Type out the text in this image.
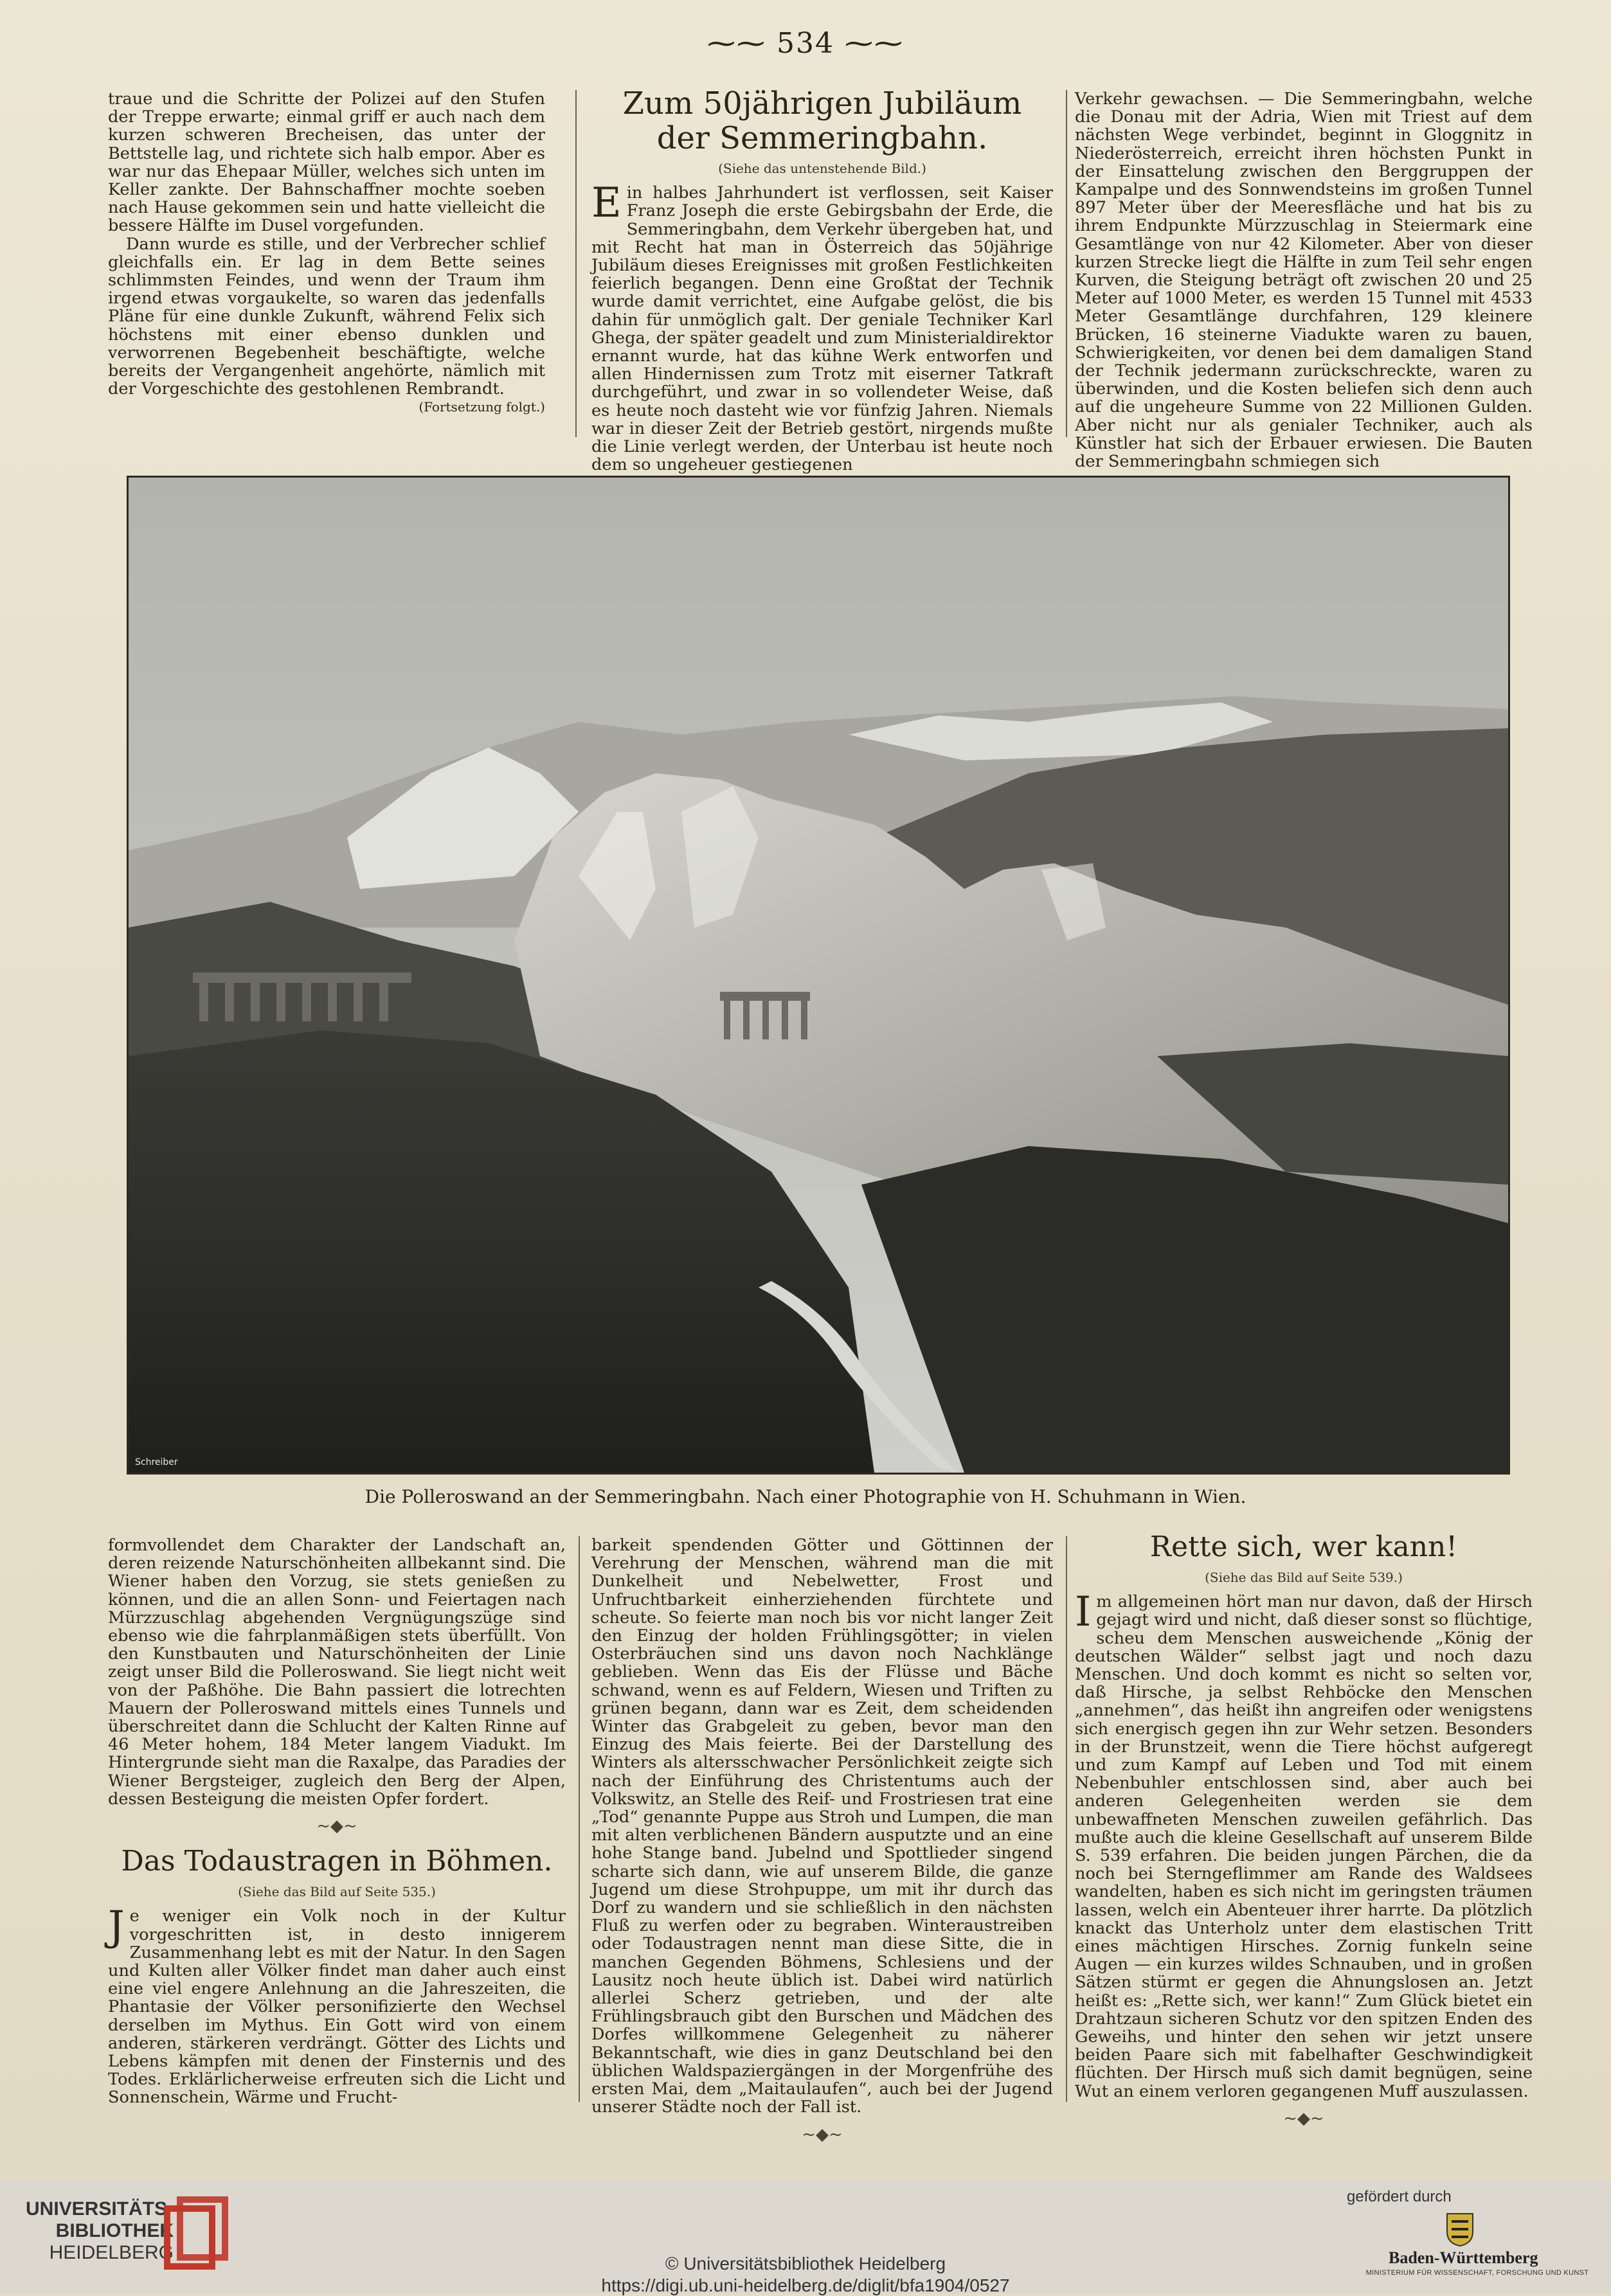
⁓⁓ 534 ⁓⁓

traue und die Schritte der Polizei auf den Stufen der Treppe erwarte; einmal griff er auch nach dem kurzen schweren Brecheisen, das unter der Bettstelle lag, und richtete sich halb empor. Aber es war nur das Ehepaar Müller, welches sich unten im Keller zankte. Der Bahnschaffner mochte soeben nach Hause gekommen sein und hatte vielleicht die bessere Hälfte im Dusel vorgefunden.

Dann wurde es stille, und der Verbrecher schlief gleichfalls ein. Er lag in dem Bette seines schlimmsten Feindes, und wenn der Traum ihm irgend etwas vorgaukelte, so waren das jedenfalls Pläne für eine dunkle Zukunft, während Felix sich höchstens mit einer ebenso dunklen und verworrenen Begebenheit beschäftigte, welche bereits der Vergangenheit angehörte, nämlich mit der Vorgeschichte des gestohlenen Rembrandt.

(Fortsetzung folgt.)
Zum 50jährigen Jubiläum der Semmeringbahn.
(Siehe das untenstehende Bild.)

Ein halbes Jahrhundert ist verflossen, seit Kaiser Franz Joseph die erste Gebirgsbahn der Erde, die Semmeringbahn, dem Verkehr übergeben hat, und mit Recht hat man in Österreich das 50jährige Jubiläum dieses Ereignisses mit großen Festlichkeiten feierlich begangen. Denn eine Großtat der Technik wurde damit verrichtet, eine Aufgabe gelöst, die bis dahin für unmöglich galt. Der geniale Techniker Karl Ghega, der später geadelt und zum Ministerialdirektor ernannt wurde, hat das kühne Werk entworfen und allen Hindernissen zum Trotz mit eiserner Tatkraft durchgeführt, und zwar in so vollendeter Weise, daß es heute noch dasteht wie vor fünfzig Jahren. Niemals war in dieser Zeit der Betrieb gestört, nirgends mußte die Linie verlegt werden, der Unterbau ist heute noch dem so ungeheuer gestiegenen

Verkehr gewachsen. — Die Semmeringbahn, welche die Donau mit der Adria, Wien mit Triest auf dem nächsten Wege verbindet, beginnt in Gloggnitz in Niederösterreich, erreicht ihren höchsten Punkt in der Einsattelung zwischen den Berggruppen der Kampalpe und des Sonnwendsteins im großen Tunnel 897 Meter über der Meeresfläche und hat bis zu ihrem Endpunkte Mürzzuschlag in Steiermark eine Gesamtlänge von nur 42 Kilometer. Aber von dieser kurzen Strecke liegt die Hälfte in zum Teil sehr engen Kurven, die Steigung beträgt oft zwischen 20 und 25 Meter auf 1000 Meter, es werden 15 Tunnel mit 4533 Meter Gesamtlänge durchfahren, 129 kleinere Brücken, 16 steinerne Viadukte waren zu bauen, Schwierigkeiten, vor denen bei dem damaligen Stand der Technik jedermann zurückschreckte, waren zu überwinden, und die Kosten beliefen sich denn auch auf die ungeheure Summe von 22 Millionen Gulden. Aber nicht nur als genialer Techniker, auch als Künstler hat sich der Erbauer erwiesen. Die Bauten der Semmeringbahn schmiegen sich

Schreiber
Die Polleroswand an der Semmeringbahn. Nach einer Photographie von H. Schuhmann in Wien.

formvollendet dem Charakter der Landschaft an, deren reizende Naturschönheiten allbekannt sind. Die Wiener haben den Vorzug, sie stets genießen zu können, und die an allen Sonn- und Feiertagen nach Mürzzuschlag abgehenden Vergnügungszüge sind ebenso wie die fahrplanmäßigen stets überfüllt. Von den Kunstbauten und Naturschönheiten der Linie zeigt unser Bild die Polleroswand. Sie liegt nicht weit von der Paßhöhe. Die Bahn passiert die lotrechten Mauern der Polleroswand mittels eines Tunnels und überschreitet dann die Schlucht der Kalten Rinne auf 46 Meter hohem, 184 Meter langem Viadukt. Im Hintergrunde sieht man die Raxalpe, das Paradies der Wiener Bergsteiger, zugleich den Berg der Alpen, dessen Besteigung die meisten Opfer fordert.

~◆~
Das Todaustragen in Böhmen.
(Siehe das Bild auf Seite 535.)

Je weniger ein Volk noch in der Kultur vorgeschritten ist, in desto innigerem Zusammenhang lebt es mit der Natur. In den Sagen und Kulten aller Völker findet man daher auch einst eine viel engere Anlehnung an die Jahreszeiten, die Phantasie der Völker personifizierte den Wechsel derselben im Mythus. Ein Gott wird von einem anderen, stärkeren verdrängt. Götter des Lichts und Lebens kämpfen mit denen der Finsternis und des Todes. Erklärlicherweise erfreuten sich die Licht und Sonnenschein, Wärme und Frucht-

barkeit spendenden Götter und Göttinnen der Verehrung der Menschen, während man die mit Dunkelheit und Nebelwetter, Frost und Unfruchtbarkeit einherziehenden fürchtete und scheute. So feierte man noch bis vor nicht langer Zeit den Einzug der holden Frühlingsgötter; in vielen Osterbräuchen sind uns davon noch Nachklänge geblieben. Wenn das Eis der Flüsse und Bäche schwand, wenn es auf Feldern, Wiesen und Triften zu grünen begann, dann war es Zeit, dem scheidenden Winter das Grabgeleit zu geben, bevor man den Einzug des Mais feierte. Bei der Darstellung des Winters als altersschwacher Persönlichkeit zeigte sich nach der Einführung des Christentums auch der Volkswitz, an Stelle des Reif- und Frostriesen trat eine „Tod“ genannte Puppe aus Stroh und Lumpen, die man mit alten verblichenen Bändern ausputzte und an eine hohe Stange band. Jubelnd und Spottlieder singend scharte sich dann, wie auf unserem Bilde, die ganze Jugend um diese Strohpuppe, um mit ihr durch das Dorf zu wandern und sie schließlich in den nächsten Fluß zu werfen oder zu begraben. Winteraustreiben oder Todaustragen nennt man diese Sitte, die in manchen Gegenden Böhmens, Schlesiens und der Lausitz noch heute üblich ist. Dabei wird natürlich allerlei Scherz getrieben, und der alte Frühlingsbrauch gibt den Burschen und Mädchen des Dorfes willkommene Gelegenheit zu näherer Bekanntschaft, wie dies in ganz Deutschland bei den üblichen Waldspaziergängen in der Morgenfrühe des ersten Mai, dem „Maitaulaufen“, auch bei der Jugend unserer Städte noch der Fall ist.

~◆~
Rette sich, wer kann!
(Siehe das Bild auf Seite 539.)

Im allgemeinen hört man nur davon, daß der Hirsch gejagt wird und nicht, daß dieser sonst so flüchtige, scheu dem Menschen ausweichende „König der deutschen Wälder“ selbst jagt und noch dazu Menschen. Und doch kommt es nicht so selten vor, daß Hirsche, ja selbst Rehböcke den Menschen „annehmen“, das heißt ihn angreifen oder wenigstens sich energisch gegen ihn zur Wehr setzen. Besonders in der Brunstzeit, wenn die Tiere höchst aufgeregt und zum Kampf auf Leben und Tod mit einem Nebenbuhler entschlossen sind, aber auch bei anderen Gelegenheiten werden sie dem unbewaffneten Menschen zuweilen gefährlich. Das mußte auch die kleine Gesellschaft auf unserem Bilde S. 539 erfahren. Die beiden jungen Pärchen, die da noch bei Sterngeflimmer am Rande des Waldsees wandelten, haben es sich nicht im geringsten träumen lassen, welch ein Abenteuer ihrer harrte. Da plötzlich knackt das Unterholz unter dem elastischen Tritt eines mächtigen Hirsches. Zornig funkeln seine Augen — ein kurzes wildes Schnauben, und in großen Sätzen stürmt er gegen die Ahnungslosen an. Jetzt heißt es: „Rette sich, wer kann!“ Zum Glück bietet ein Drahtzaun sicheren Schutz vor den spitzen Enden des Geweihs, und hinter den sehen wir jetzt unsere beiden Paare sich mit fabelhafter Geschwindigkeit flüchten. Der Hirsch muß sich damit begnügen, seine Wut an einem verloren gegangenen Muff auszulassen.

~◆~
UNIVERSITÄTS-
BIBLIOTHEK
HEIDELBERG
© Universitätsbibliothek Heidelberg
https://digi.ub.uni-heidelberg.de/diglit/bfa1904/0527
gefördert durch
Baden-Württemberg
MINISTERIUM FÜR WISSENSCHAFT, FORSCHUNG UND KUNST
